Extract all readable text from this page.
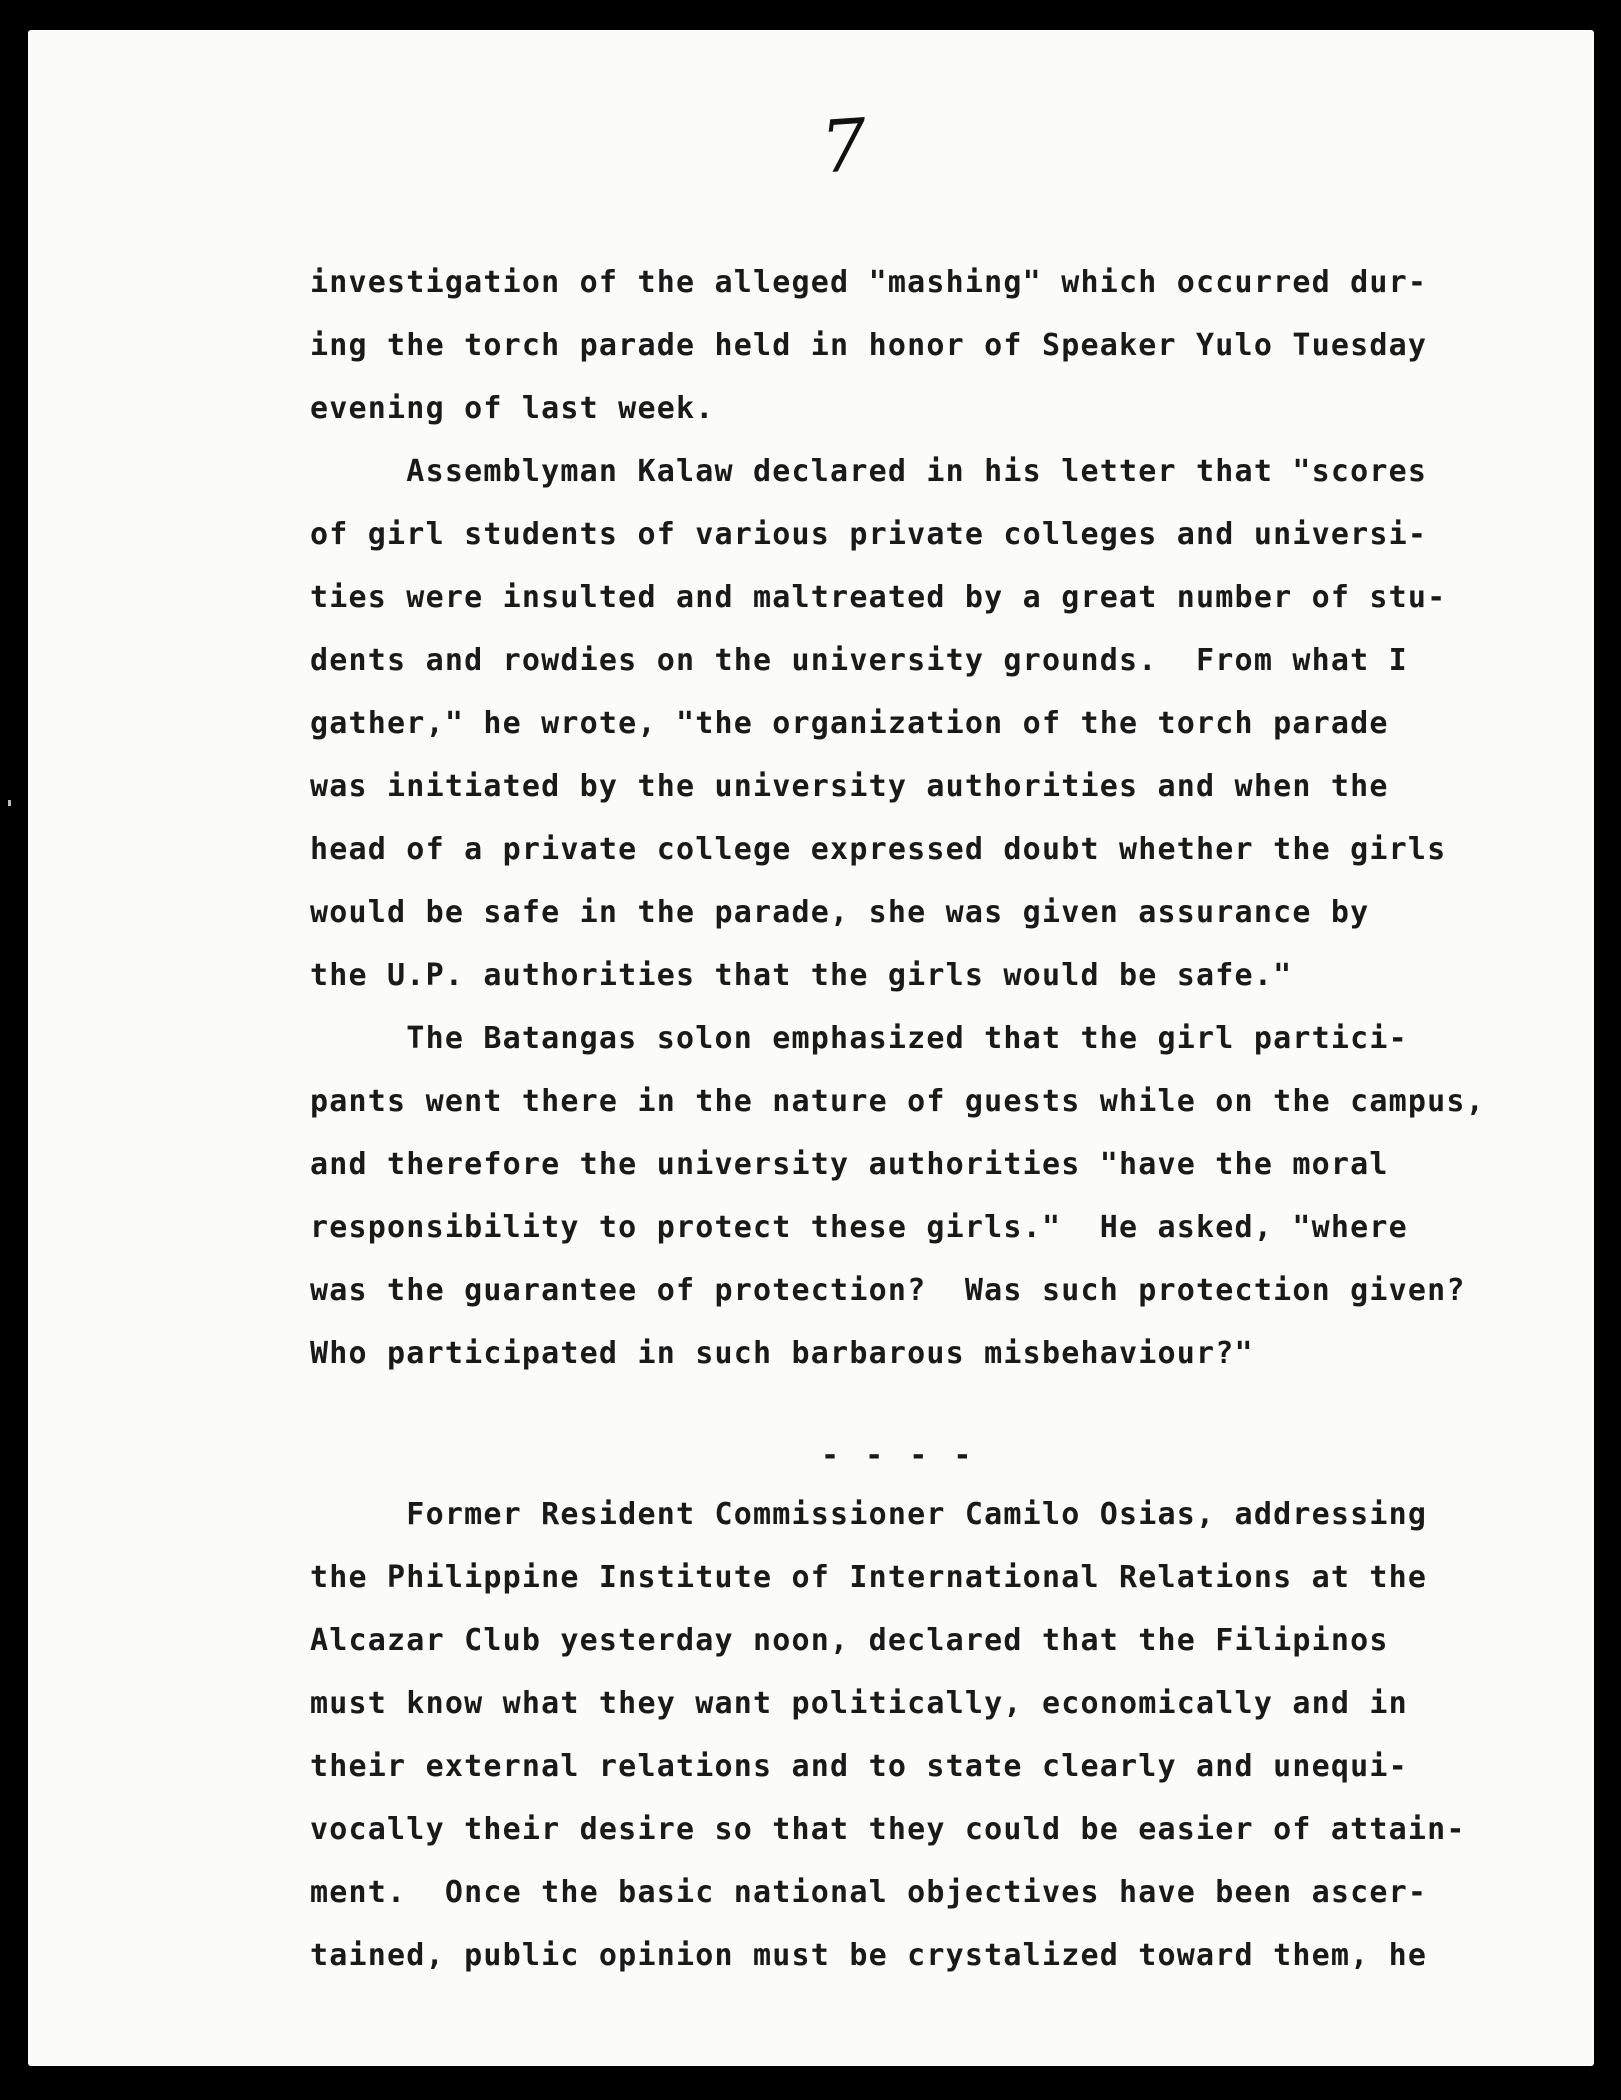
7
investigation of the alleged "mashing" which occurred dur-
ing the torch parade held in honor of Speaker Yulo Tuesday
evening of last week.
Assemblyman Kalaw declared in his letter that "scores
of girl students of various private colleges and universi-
ties were insulted and maltreated by a great number of stu-
dents and rowdies on the university grounds.  From what I
gather," he wrote, "the organization of the torch parade
was initiated by the university authorities and when the
head of a private college expressed doubt whether the girls
would be safe in the parade, she was given assurance by
the U.P. authorities that the girls would be safe."
The Batangas solon emphasized that the girl partici-
pants went there in the nature of guests while on the campus,
and therefore the university authorities "have the moral
responsibility to protect these girls."  He asked, "where
was the guarantee of protection?  Was such protection given?
Who participated in such barbarous misbehaviour?"
Former Resident Commissioner Camilo Osias, addressing
the Philippine Institute of International Relations at the
Alcazar Club yesterday noon, declared that the Filipinos
must know what they want politically, economically and in
their external relations and to state clearly and unequi-
vocally their desire so that they could be easier of attain-
ment.  Once the basic national objectives have been ascer-
tained, public opinion must be crystalized toward them, he
- - - -
